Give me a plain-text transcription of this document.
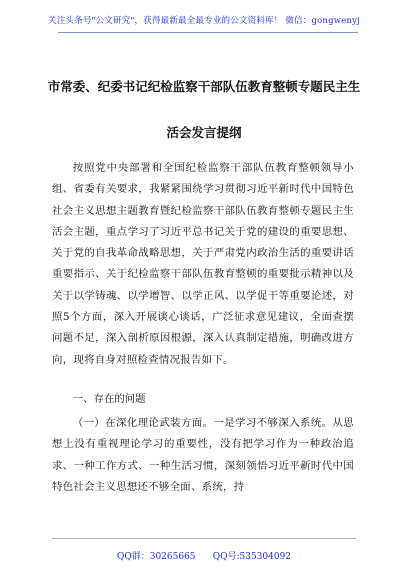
关注头条号"公文研究"，获得最新最全最专业的公文资料库！ 微信：gongwenyj
市常委、纪委书记纪检监察干部队伍教育整顿专题民主生
活会发言提纲
按照党中央部署和全国纪检监察干部队伍教育整顿领导小组、省委有关要求，我紧紧围绕学习贯彻习近平新时代中国特色社会主义思想主题教育暨纪检监察干部队伍教育整顿专题民主生活会主题，重点学习了习近平总书记关于党的建设的重要思想、关于党的自我革命战略思想，关于严肃党内政治生活的重要讲话重要指示、关于纪检监察干部队伍教育整顿的重要批示精神以及关于以学铸魂、以学增智、以学正风、以学促干等重要论述，对照5个方面，深入开展谈心谈话，广泛征求意见建议，全面查摆问题不足，深入剖析原因根源，深入认真制定措施，明确改进方向，现将自身对照检查情况报告如下。
一、存在的问题
（一）在深化理论武装方面。一是学习不够深入系统。从思想上没有重视理论学习的重要性，没有把学习作为一种政治追求、一种工作方式、一种生活习惯，深刻领悟习近平新时代中国特色社会主义思想还不够全面、系统，持
QQ群：30265665      QQ号:535304092
